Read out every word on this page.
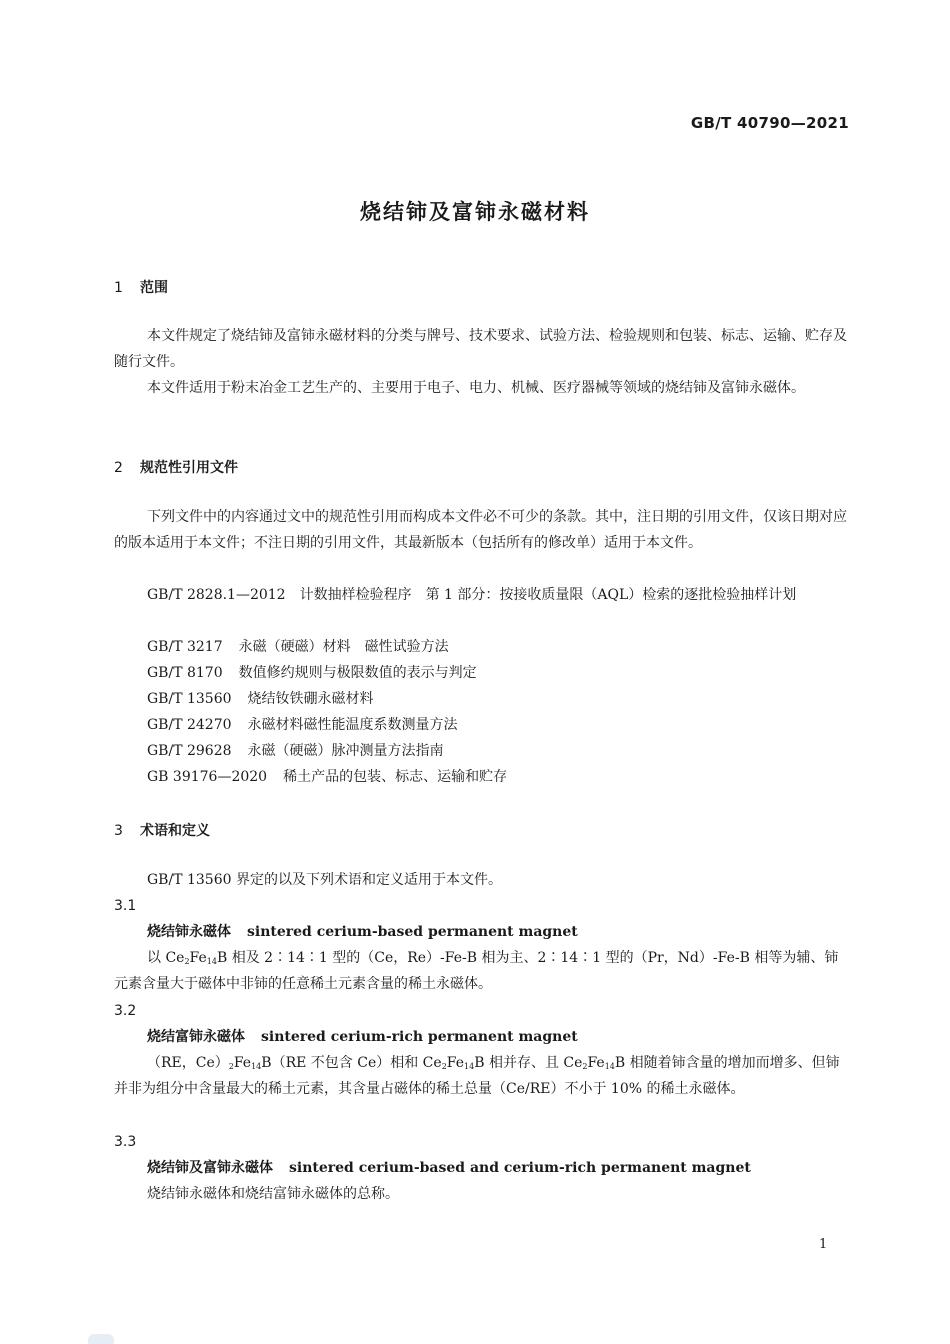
GB/T 40790—2021
烧结铈及富铈永磁材料
1 范围
本文件规定了烧结铈及富铈永磁材料的分类与牌号、技术要求、试验方法、检验规则和包装、标志、运输、贮存及随行文件。
本文件适用于粉末冶金工艺生产的、主要用于电子、电力、机械、医疗器械等领域的烧结铈及富铈永磁体。
2 规范性引用文件
下列文件中的内容通过文中的规范性引用而构成本文件必不可少的条款。其中，注日期的引用文件，仅该日期对应的版本适用于本文件；不注日期的引用文件，其最新版本（包括所有的修改单）适用于本文件。
GB/T 2828.1—2012　计数抽样检验程序　第 1 部分：按接收质量限（AQL）检索的逐批检验抽样计划
GB/T 3217 永磁（硬磁）材料　磁性试验方法
GB/T 8170 数值修约规则与极限数值的表示与判定
GB/T 13560 烧结钕铁硼永磁材料
GB/T 24270 永磁材料磁性能温度系数测量方法
GB/T 29628 永磁（硬磁）脉冲测量方法指南
GB 39176—2020 稀土产品的包装、标志、运输和贮存
3 术语和定义
GB/T 13560 界定的以及下列术语和定义适用于本文件。
3.1
烧结铈永磁体 sintered cerium-based permanent magnet
以 $Ce_2Fe_{14}B$ 相及 2∶14∶1 型的（Ce，Re）-Fe-B 相为主、2∶14∶1 型的（Pr，Nd）-Fe-B 相等为辅、铈元素含量大于磁体中非铈的任意稀土元素含量的稀土永磁体。
3.2
烧结富铈永磁体 sintered cerium-rich permanent magnet
（RE，$Ce)_2Fe_{14}B(RE$ 不包含 Ce）相和 $Ce_2Fe_{14}B$ 相并存、且 $Ce_2Fe_{14}B$ 相随着铈含量的增加而增多、但铈并非为组分中含量最大的稀土元素，其含量占磁体的稀土总量（Ce/RE）不小于 10% 的稀土永磁体。
3.3
烧结铈及富铈永磁体 sintered cerium-based and cerium-rich permanent magnet
烧结铈永磁体和烧结富铈永磁体的总称。
1
